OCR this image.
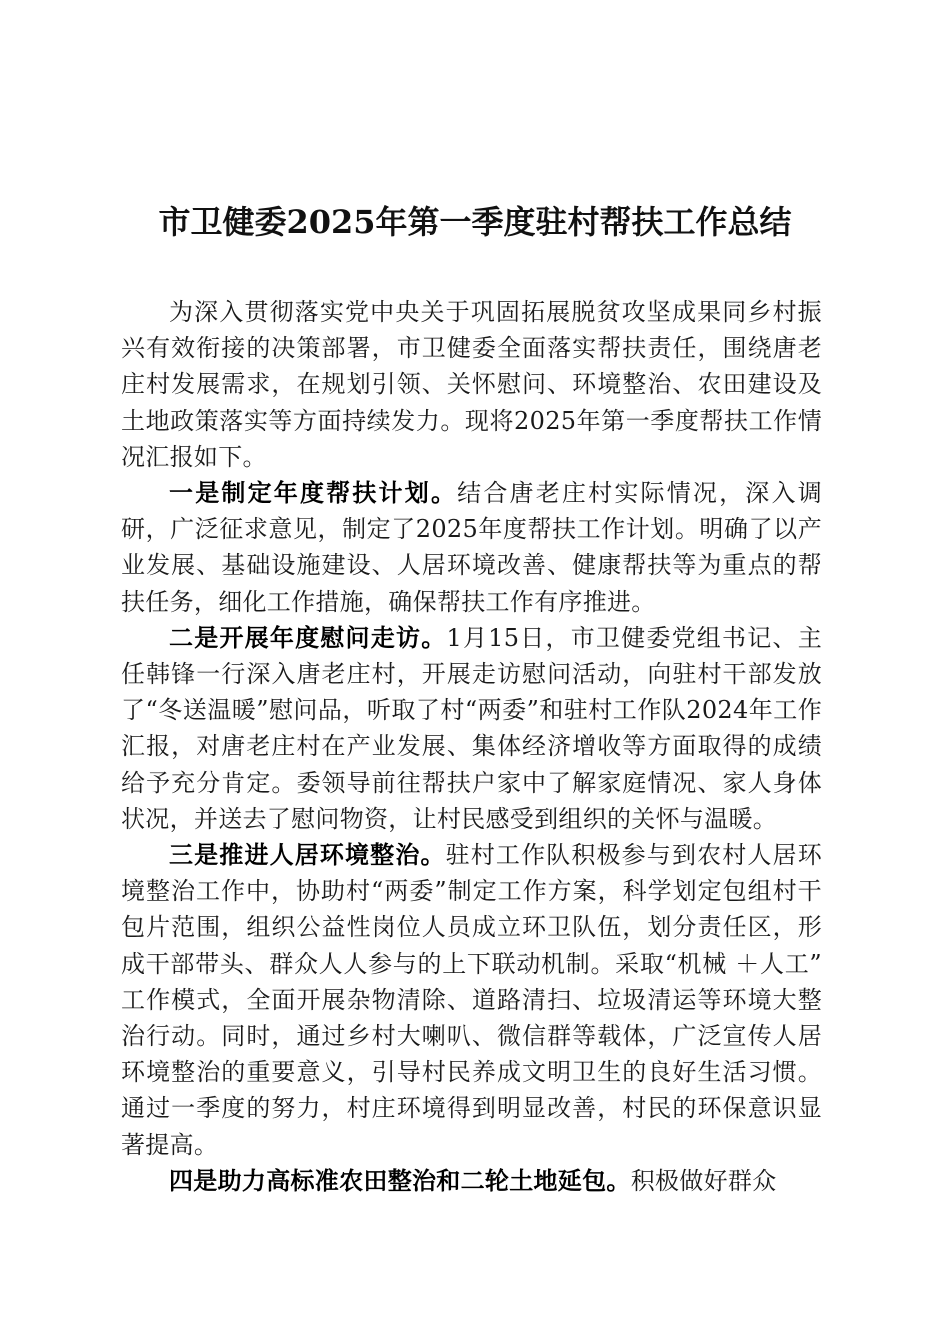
市卫健委2025年第一季度驻村帮扶工作总结

为深入贯彻落实党中央关于巩固拓展脱贫攻坚成果同乡村振兴有效衔接的决策部署，市卫健委全面落实帮扶责任，围绕唐老庄村发展需求，在规划引领、关怀慰问、环境整治、农田建设及土地政策落实等方面持续发力。现将2025年第一季度帮扶工作情况汇报如下。

一是制定年度帮扶计划。结合唐老庄村实际情况，深入调研，广泛征求意见，制定了2025年度帮扶工作计划。明确了以产业发展、基础设施建设、人居环境改善、健康帮扶等为重点的帮扶任务，细化工作措施，确保帮扶工作有序推进。

二是开展年度慰问走访。1月15日，市卫健委党组书记、主任韩锋一行深入唐老庄村，开展走访慰问活动，向驻村干部发放了“冬送温暖”慰问品，听取了村“两委”和驻村工作队2024年工作汇报，对唐老庄村在产业发展、集体经济增收等方面取得的成绩给予充分肯定。委领导前往帮扶户家中了解家庭情况、家人身体状况，并送去了慰问物资，让村民感受到组织的关怀与温暖。

三是推进人居环境整治。驻村工作队积极参与到农村人居环境整治工作中，协助村“两委”制定工作方案，科学划定包组村干包片范围，组织公益性岗位人员成立环卫队伍，划分责任区，形成干部带头、群众人人参与的上下联动机制。采取“机械 ＋人工” 工作模式，全面开展杂物清除、道路清扫、垃圾清运等环境大整治行动。同时，通过乡村大喇叭、微信群等载体，广泛宣传人居环境整治的重要意义，引导村民养成文明卫生的良好生活习惯。通过一季度的努力，村庄环境得到明显改善，村民的环保意识显著提高。

四是助力高标准农田整治和二轮土地延包。积极做好群众
